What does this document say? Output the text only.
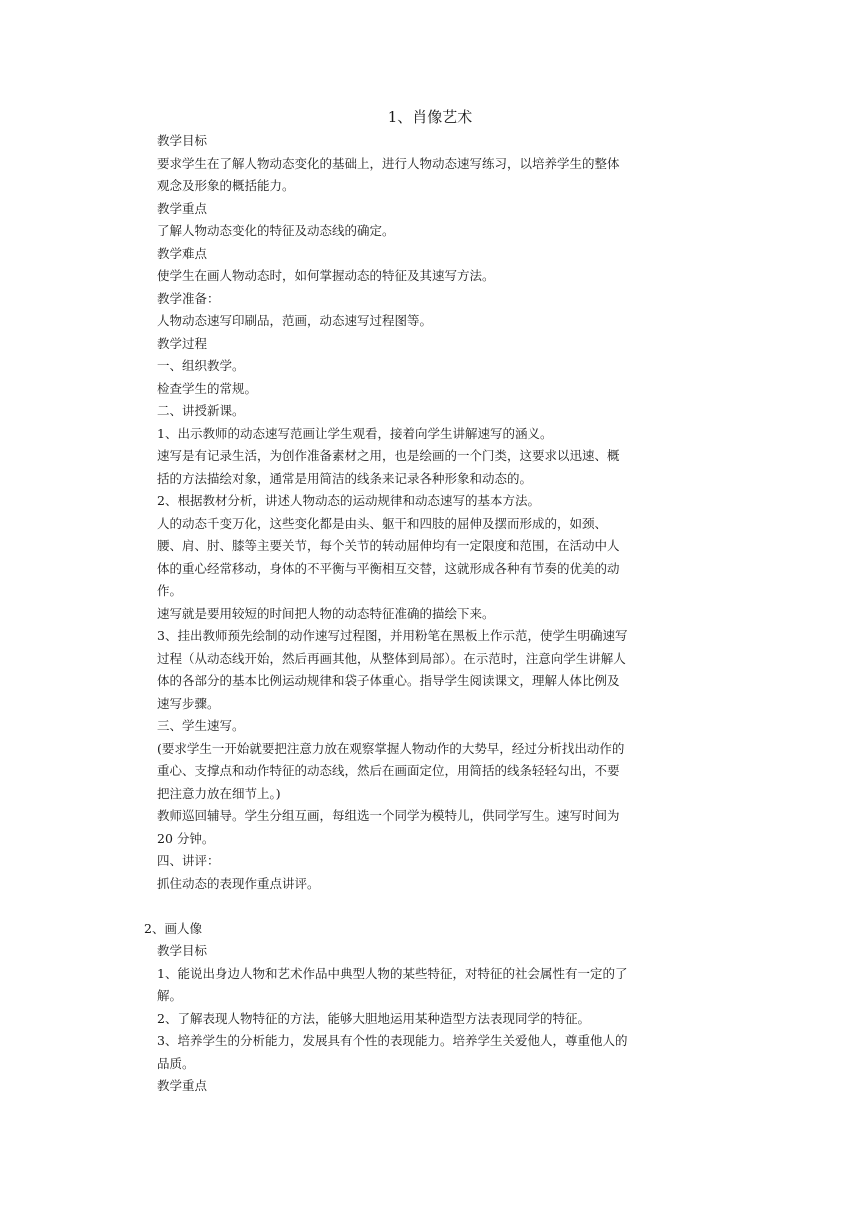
1、肖像艺术

教学目标

要求学生在了解人物动态变化的基础上，进行人物动态速写练习，以培养学生的整体观念及形象的概括能力。

教学重点

了解人物动态变化的特征及动态线的确定。

教学难点

使学生在画人物动态时，如何掌握动态的特征及其速写方法。

教学准备：

人物动态速写印刷品，范画，动态速写过程图等。

教学过程

一、组织教学。

检查学生的常规。

二、讲授新课。

1、出示教师的动态速写范画让学生观看，接着向学生讲解速写的涵义。

速写是有记录生活，为创作准备素材之用，也是绘画的一个门类，这要求以迅速、概括的方法描绘对象，通常是用简洁的线条来记录各种形象和动态的。

2、根据教材分析，讲述人物动态的运动规律和动态速写的基本方法。

人的动态千变万化，这些变化都是由头、躯干和四肢的屈伸及摆而形成的，如颈、腰、肩、肘、膝等主要关节，每个关节的转动屈伸均有一定限度和范围，在活动中人体的重心经常移动，身体的不平衡与平衡相互交替，这就形成各种有节奏的优美的动作。

速写就是要用较短的时间把人物的动态特征准确的描绘下来。

3、挂出教师预先绘制的动作速写过程图，并用粉笔在黑板上作示范，使学生明确速写过程（从动态线开始，然后再画其他，从整体到局部）。在示范时，注意向学生讲解人体的各部分的基本比例运动规律和袋子体重心。指导学生阅读课文，理解人体比例及速写步骤。

三、学生速写。

(要求学生一开始就要把注意力放在观察掌握人物动作的大势早，经过分析找出动作的重心、支撑点和动作特征的动态线，然后在画面定位，用简括的线条轻轻勾出，不要把注意力放在细节上。)

教师巡回辅导。学生分组互画，每组选一个同学为模特儿，供同学写生。速写时间为 20 分钟。

四、讲评：

抓住动态的表现作重点讲评。

2、画人像

教学目标

1、能说出身边人物和艺术作品中典型人物的某些特征，对特征的社会属性有一定的了解。

2、了解表现人物特征的方法，能够大胆地运用某种造型方法表现同学的特征。

3、培养学生的分析能力，发展具有个性的表现能力。培养学生关爱他人，尊重他人的品质。

教学重点
